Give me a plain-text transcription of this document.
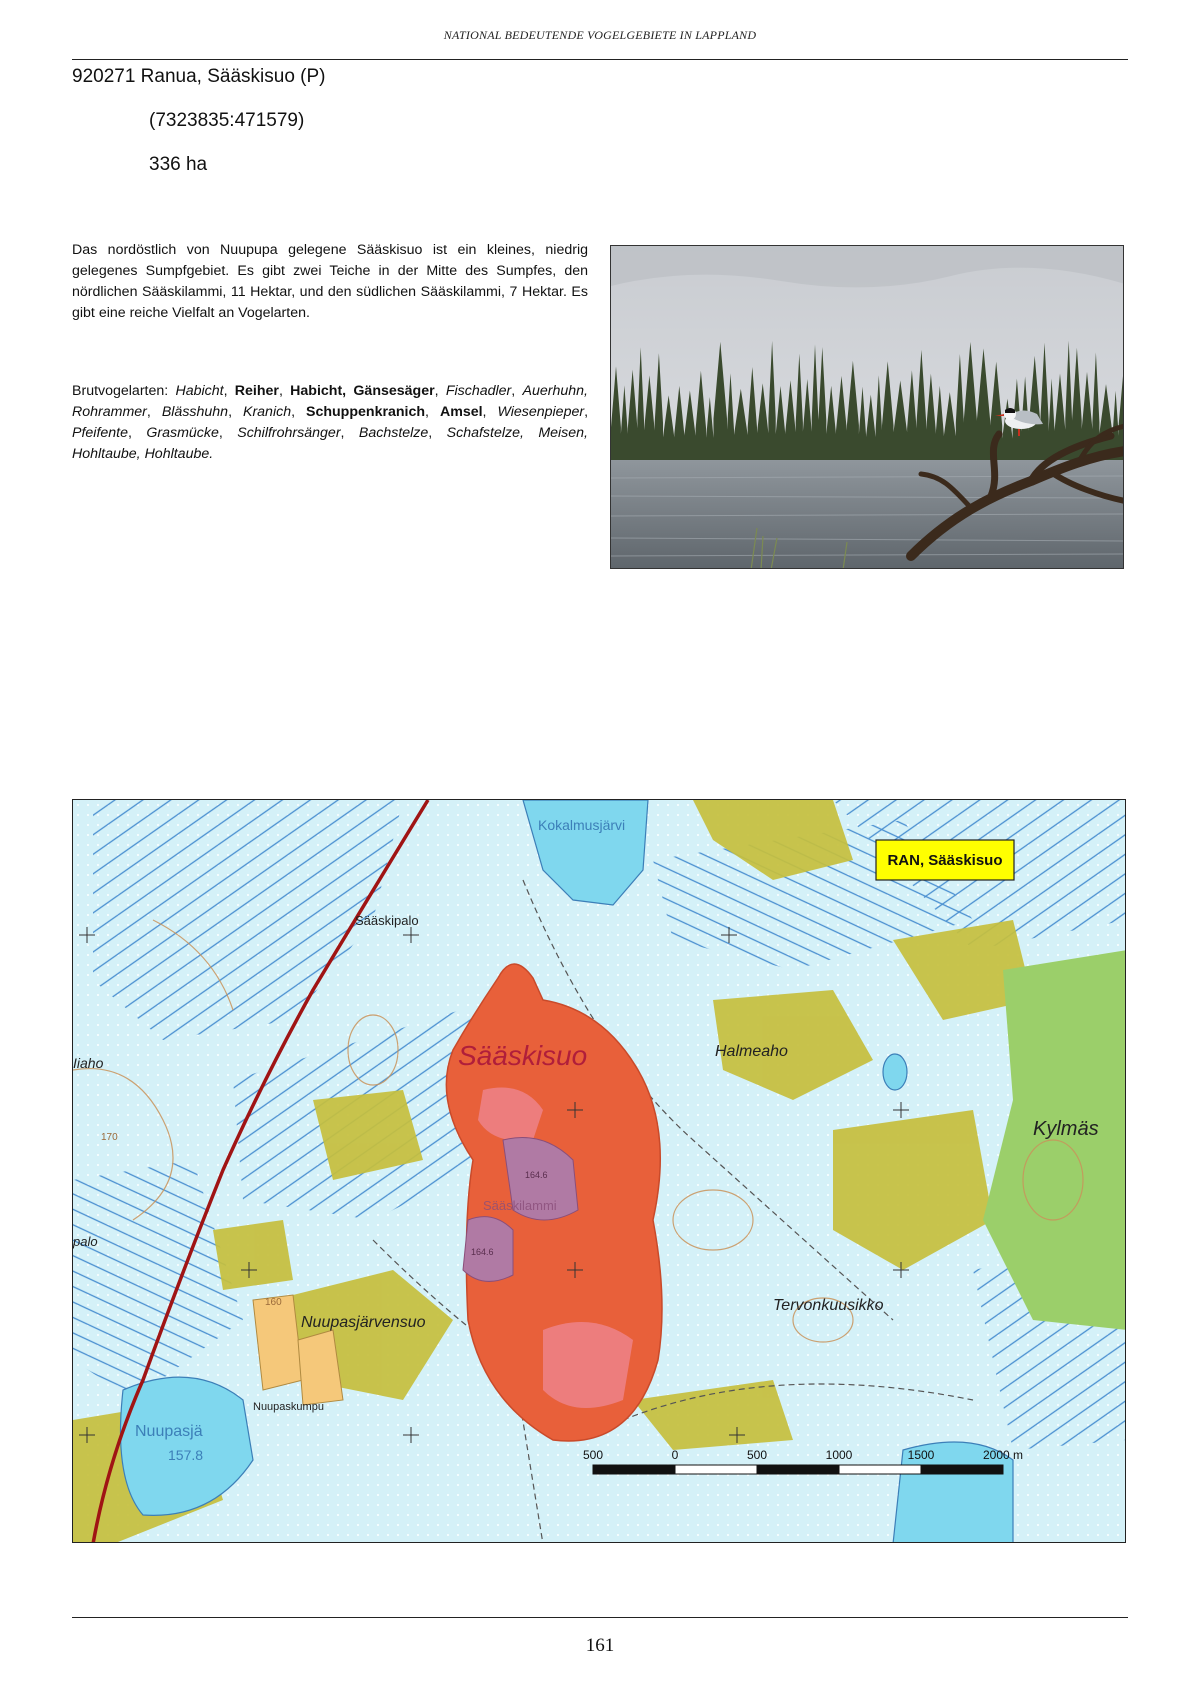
NATIONAL BEDEUTENDE VOGELGEBIETE IN LAPPLAND
920271 Ranua, Sääskisuo (P)
(7323835:471579)
336 ha
Das nordöstlich von Nuupupa gelegene Sääskisuo ist ein kleines, niedrig gelegenes Sumpfgebiet. Es gibt zwei Teiche in der Mitte des Sumpfes, den nördlichen Sääskilammi, 11 Hektar, und den südlichen Sääskilammi, 7 Hektar. Es gibt eine reiche Vielfalt an Vogelarten.
Brutvogelarten: Habicht, Reiher, Habicht, Gänsesäger, Fischadler, Auerhuhn, Rohrammer, Blässhuhn, Kranich, Schuppenkranich, Amsel, Wiesenpieper, Pfeifente, Grasmücke, Schilfrohrsänger, Bachstelze, Schafstelze, Meisen, Hohltaube, Hohltaube.
Kokalmusjärvi
Sääskipalo
Sääskisuo	Halmeaho
Kylmäs
Sääskilammi
164.6
164.6
Nuupasjärvensuo
Tervonkuusikko
Nuupaskumpu
Nuupasjä
157.8
Iiaho
palo
170
160
RAN, Sääskisuo
500	0	500	1000	1500	2000 m
161
